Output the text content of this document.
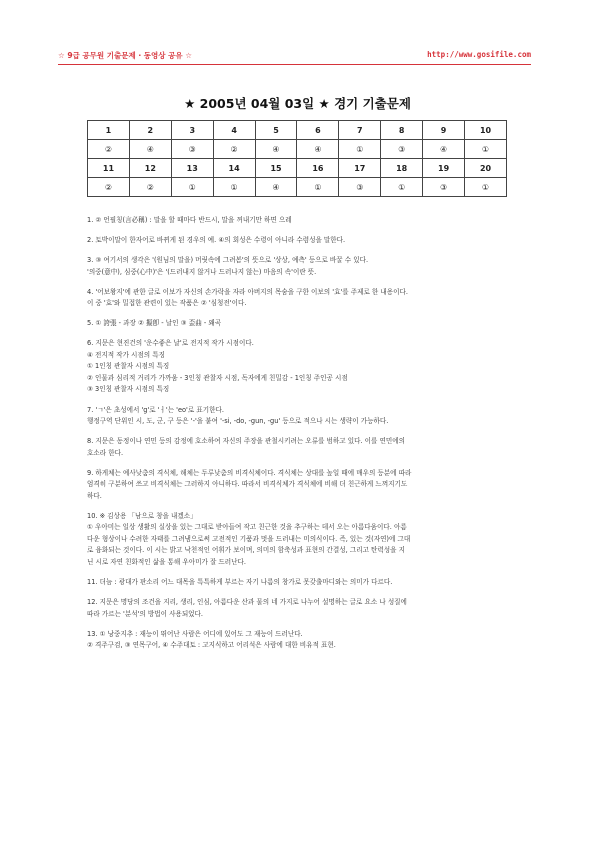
☆ 9급 공무원 기출문제 · 동영상 공유 ☆	http://www.gosifile.com
★ 2005년 04월 03일 ★ 경기 기출문제
1	2	3	4	5	6	7	8	9	10
②	④	③	②	④	④	①	③	④	①
11	12	13	14	15	16	17	18	19	20
②	②	①	①	④	①	③	①	③	①
1. ② 언필칭(言必稱) : 말을 할 때마다 반드시, 말을 꺼내기만 하면 으레
2. 토박이말이 한자어로 바뀌게 된 경우의 예. ④의 회성은 수령이 아니라 수렴성을 말한다.
3. ③ 여기서의 생각은 '(원님의 말을) 머릿속에 그려봄'의 뜻으로 '상상, 예측' 등으로 바꿀 수 있다.
'의중(意中), 심중(心中)'은 '(드러내지 않거나 드러나지 않는) 마음의 속'이란 뜻.
4. '어보왕지'에 관한 글로 이보가 자신의 손가락을 자라 아버지의 목숨을 구한 이보의 '효'를 주제로 한 내용이다.
이 중 '효'와 밀접한 관련이 있는 작품은 ② '심청전'이다.
5. ① 誇張 - 과장 ② 擬卽 - 날인 ③ 歪曲 - 왜곡
6. 지문은 현진건의 '운수좋은 날'로 전지적 작가 시점이다.
④ 전지적 작가 시점의 특징
① 1인칭 관찰자 시점의 특징
② 인물과 심리적 거리가 가까움 - 3인칭 관찰자 시점, 독자에게 친밀감 - 1인칭 주인공 시점
③ 3인칭 관찰자 시점의 특징
7. 'ㄱ'은 초성에서 'g'로 'ㅓ'는 'eo'로 표기한다.
행정구역 단위인 시, 도, 군, 구 등은 '-'을 붙여 '-si, -do, -gun, -gu' 등으로 적으나 시는 생략이 가능하다.
8. 지문은 동정이나 연민 등의 감정에 호소하여 자신의 주장을 관철시키려는 오류를 범하고 있다. 이를 연민에의
호소라 한다.
9. 하게체는 예사낮춤의 격식체, 해체는 두루낮춤의 비격식체이다. 격식체는 상대를 높일 때에 매우의 등분에 따라
엄격히 구분하여 쓰고 비격식체는 그러하지 아니하다. 따라서 비격식체가 격식체에 비해 더 친근하게 느껴지기도
하다.
10. ※ 김상용 「남으로 창을 내겠소」
① 우아미는 일상 생활의 실상을 있는 그대로 받아들여 작고 친근한 것을 추구하는 데서 오는 아름다움이다. 아름
다운 형상이나 수려한 자태를 그려냄으로써 고전적인 기품과 멋을 드러내는 미의식이다. 즉, 있는 것(자연)에 그대
로 융화되는 것이다. 이 시는 밝고 낙천적인 어휘가 보이며, 의미의 함축성과 표현의 간결성, 그리고 탄력성을 지
닌 시로 자연 친화적인 삶을 통해 우아미가 잘 드러난다.
11. 더늠 : 광대가 판소리 어느 대목을 특특하게 부르는 자기 나름의 창가로 못갖출마디와는 의미가 다르다.
12. 지문은 명당의 조건을 지리, 생리, 인심, 아름다운 산과 물의 네 가지로 나누어 설명하는 글로 요소 나 성질에
따라 가르는 '분석'의 방법이 사용되었다.
13. ① 낭중지추 : 재능이 뛰어난 사람은 어디에 있어도 그 재능이 드러난다.
② 격주구검, ③ 연목구어, ④ 수주대토 : 고지식하고 어리석은 사람에 대한 비유적 표현.
